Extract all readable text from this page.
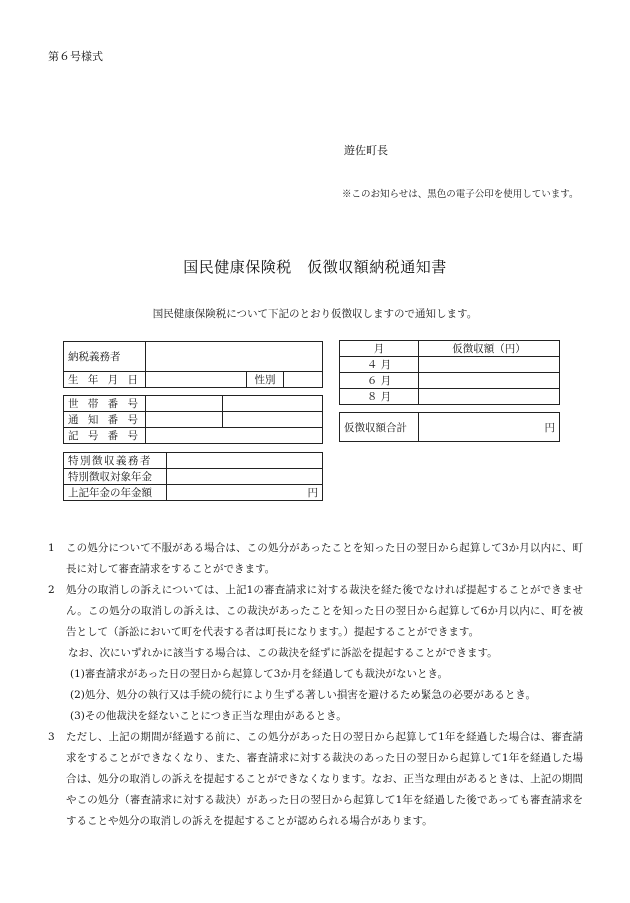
第６号様式
遊佐町長
※このお知らせは、黒色の電子公印を使用しています。
国民健康保険税　仮徴収額納税通知書
国民健康保険税について下記のとおり仮徴収しますので通知します。
納税義務者			
生 年 月 日		性別	
世 帯 番 号		
通 知 番 号		
記 号 番 号		
特別徴収義務者	
特別徴収対象年金	
上記年金の年金額	円
月	仮徴収額（円）
４ 月	
６ 月	
８ 月	
仮徴収額合計	円
1 この処分について不服がある場合は、この処分があったことを知った日の翌日から起算して3か月以内に、町長に対して審査請求をすることができます。
2 処分の取消しの訴えについては、上記1の審査請求に対する裁決を経た後でなければ提起することができません。この処分の取消しの訴えは、この裁決があったことを知った日の翌日から起算して6か月以内に、町を被告として（訴訟において町を代表する者は町長になります。）提起することができます。
なお、次にいずれかに該当する場合は、この裁決を経ずに訴訟を提起することができます。
(1)審査請求があった日の翌日から起算して3か月を経過しても裁決がないとき。
(2)処分、処分の執行又は手続の続行により生ずる著しい損害を避けるため緊急の必要があるとき。
(3)その他裁決を経ないことにつき正当な理由があるとき。
3 ただし、上記の期間が経過する前に、この処分があった日の翌日から起算して1年を経過した場合は、審査請求をすることができなくなり、また、審査請求に対する裁決のあった日の翌日から起算して1年を経過した場合は、処分の取消しの訴えを提起することができなくなります。なお、正当な理由があるときは、上記の期間やこの処分（審査請求に対する裁決）があった日の翌日から起算して1年を経過した後であっても審査請求をすることや処分の取消しの訴えを提起することが認められる場合があります。
